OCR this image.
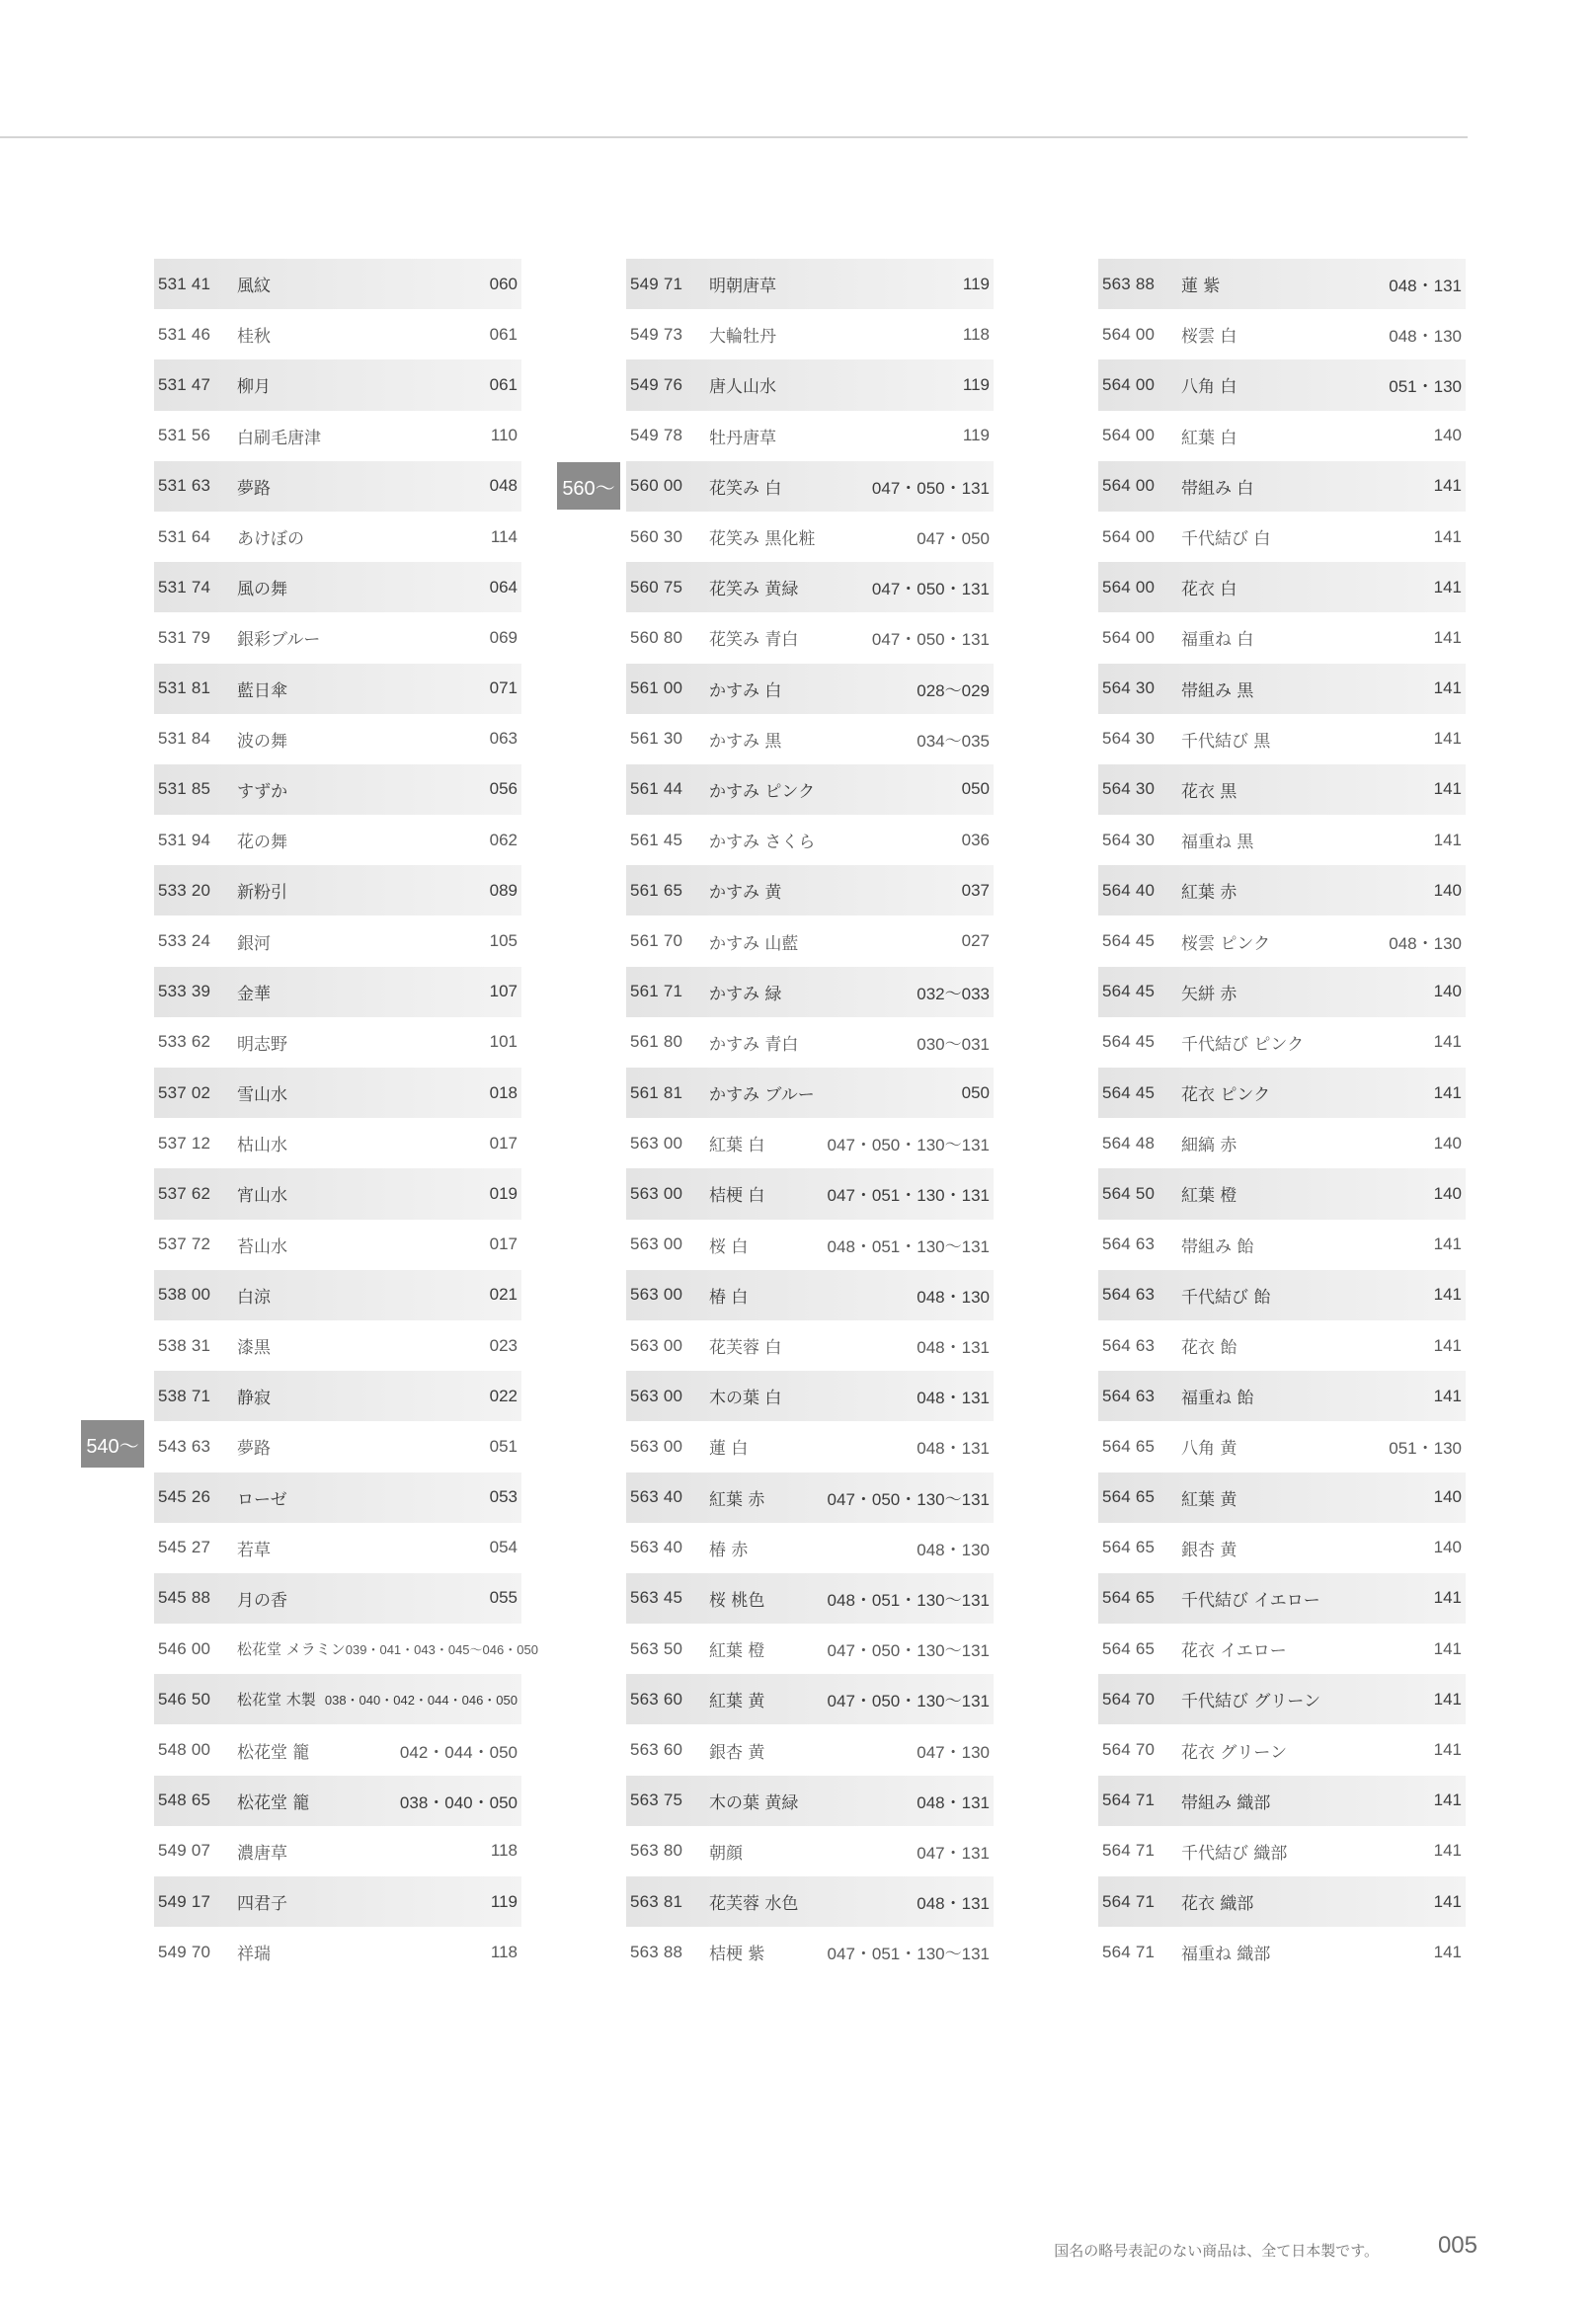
531 41	風紋	060
531 46	桂秋	061
531 47	柳月	061
531 56	白刷毛唐津	110
531 63	夢路	048
531 64	あけぼの	114
531 74	風の舞	064
531 79	銀彩ブルー	069
531 81	藍日傘	071
531 84	波の舞	063
531 85	すずか	056
531 94	花の舞	062
533 20	新粉引	089
533 24	銀河	105
533 39	金華	107
533 62	明志野	101
537 02	雪山水	018
537 12	枯山水	017
537 62	宵山水	019
537 72	苔山水	017
538 00	白涼	021
538 31	漆黒	023
538 71	静寂	022
543 63	夢路	051
545 26	ローゼ	053
545 27	若草	054
545 88	月の香	055
546 00	松花堂 メラミン 039・041・043・045～046・050
546 50	松花堂 木製 038・040・042・044・046・050
548 00	松花堂 籠	042・044・050
548 65	松花堂 籠	038・040・050
549 07	濃唐草	118
549 17	四君子	119
549 70	祥瑞	118
549 71	明朝唐草	119
549 73	大輪牡丹	118
549 76	唐人山水	119
549 78	牡丹唐草	119
560 00	花笑み 白	047・050・131
560 30	花笑み 黒化粧	047・050
560 75	花笑み 黄緑	047・050・131
560 80	花笑み 青白	047・050・131
561 00	かすみ 白	028～029
561 30	かすみ 黒	034～035
561 44	かすみ ピンク	050
561 45	かすみ さくら	036
561 65	かすみ 黄	037
561 70	かすみ 山藍	027
561 71	かすみ 緑	032～033
561 80	かすみ 青白	030～031
561 81	かすみ ブルー	050
563 00	紅葉 白	047・050・130～131
563 00	桔梗 白	047・051・130・131
563 00	桜 白	048・051・130～131
563 00	椿 白	048・130
563 00	花芙蓉 白	048・131
563 00	木の葉 白	048・131
563 00	蓮 白	048・131
563 40	紅葉 赤	047・050・130～131
563 40	椿 赤	048・130
563 45	桜 桃色	048・051・130～131
563 50	紅葉 橙	047・050・130～131
563 60	紅葉 黄	047・050・130～131
563 60	銀杏 黄	047・130
563 75	木の葉 黄緑	048・131
563 80	朝顔	047・131
563 81	花芙蓉 水色	048・131
563 88	桔梗 紫	047・051・130～131
563 88	蓮 紫	048・131
564 00	桜雲 白	048・130
564 00	八角 白	051・130
564 00	紅葉 白	140
564 00	帯組み 白	141
564 00	千代結び 白	141
564 00	花衣 白	141
564 00	福重ね 白	141
564 30	帯組み 黒	141
564 30	千代結び 黒	141
564 30	花衣 黒	141
564 30	福重ね 黒	141
564 40	紅葉 赤	140
564 45	桜雲 ピンク	048・130
564 45	矢絣 赤	140
564 45	千代結び ピンク	141
564 45	花衣 ピンク	141
564 48	細縞 赤	140
564 50	紅葉 橙	140
564 63	帯組み 飴	141
564 63	千代結び 飴	141
564 63	花衣 飴	141
564 63	福重ね 飴	141
564 65	八角 黄	051・130
564 65	紅葉 黄	140
564 65	銀杏 黄	140
564 65	千代結び イエロー	141
564 65	花衣 イエロー	141
564 70	千代結び グリーン	141
564 70	花衣 グリーン	141
564 71	帯組み 織部	141
564 71	千代結び 織部	141
564 71	花衣 織部	141
564 71	福重ね 織部	141
540～
560～
国名の略号表記のない商品は、全て日本製です。 005
